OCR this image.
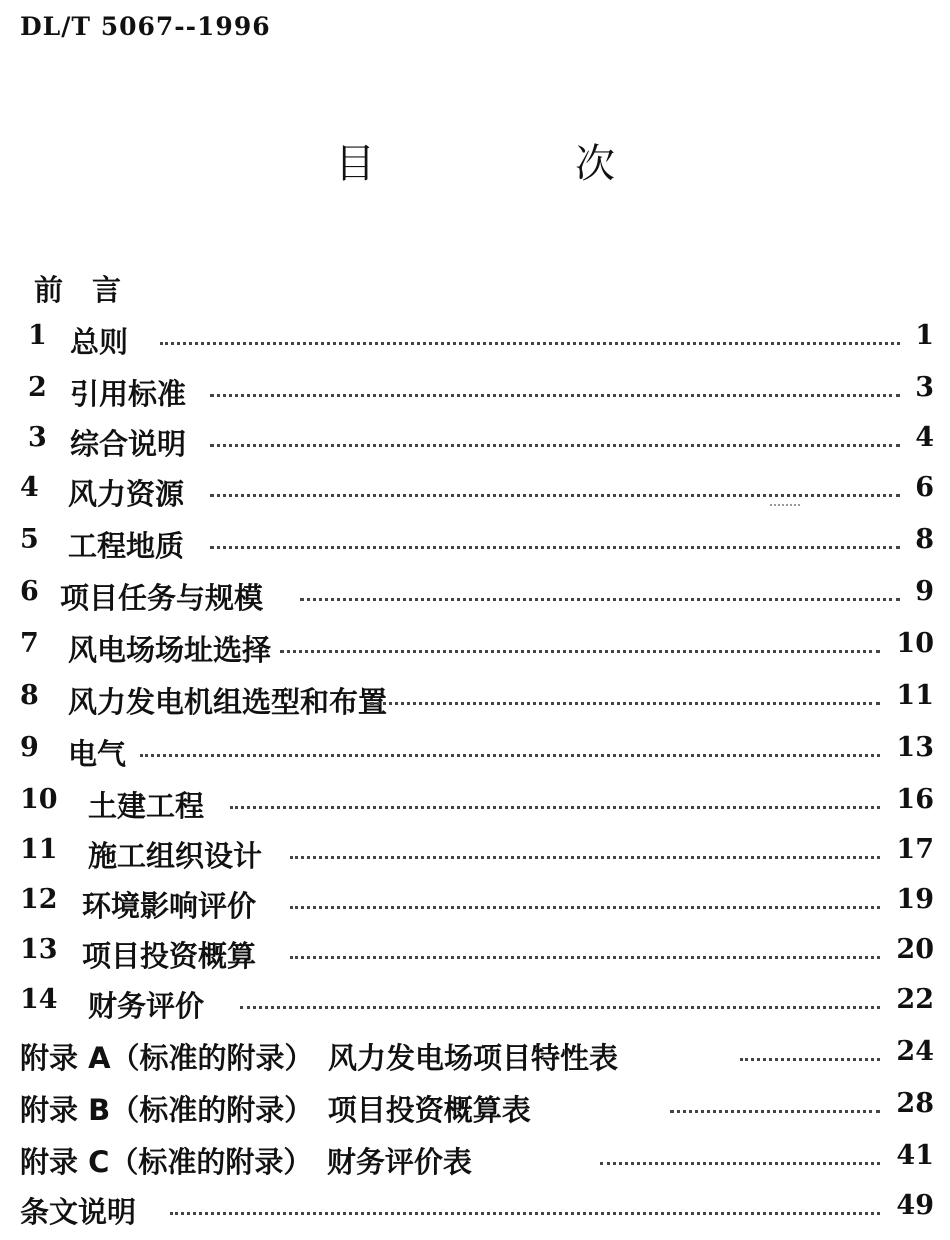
DL/T 5067--1996
目　次
前　言
1 总则	1
2 引用标准	3
3 综合说明	4
4 风力资源	6
5 工程地质	8
6 项目任务与规模	9
7 风电场场址选择	10
8 风力发电机组选型和布置	11
9 电气	13
10 土建工程	16
11 施工组织设计	17
12 环境影响评价	19
13 项目投资概算	20
14 财务评价	22
附录 A（标准的附录）　风力发电场项目特性表	24
附录 B（标准的附录）　项目投资概算表	28
附录 C（标准的附录）　财务评价表	41
条文说明	49
